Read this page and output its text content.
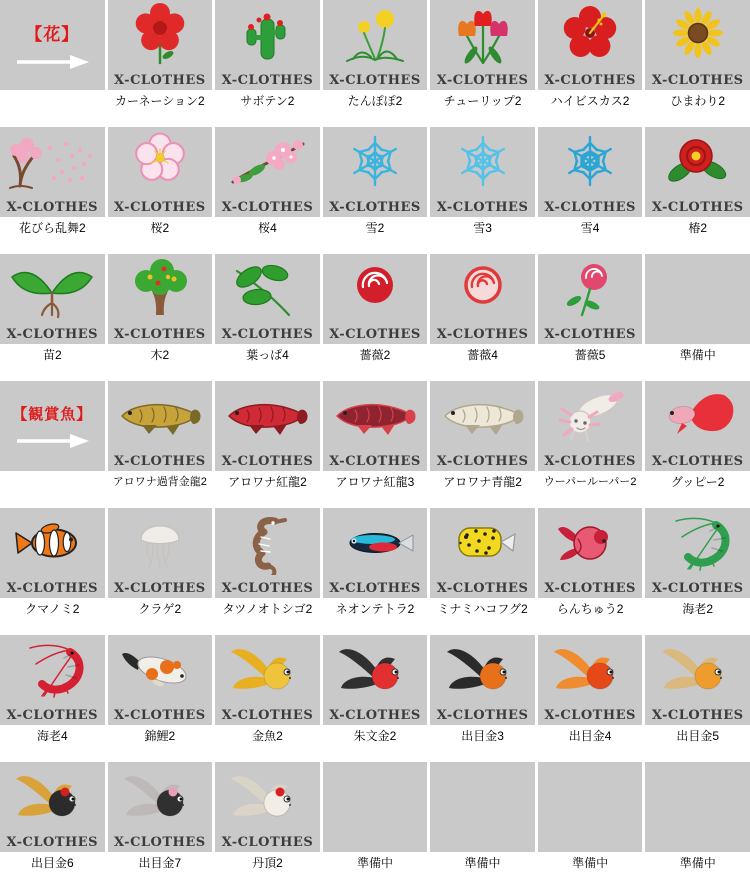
【花】
X-CLOTHES
カーネーション2
X-CLOTHES
サボテン2
X-CLOTHES
たんぽぽ2
X-CLOTHES
チューリップ2
X-CLOTHES
ハイビスカス2
X-CLOTHES
ひまわり2
X-CLOTHES
花びら乱舞2
X-CLOTHES
桜2
X-CLOTHES
桜4
X-CLOTHES
雪2
X-CLOTHES
雪3
X-CLOTHES
雪4
X-CLOTHES
椿2
X-CLOTHES
苗2
X-CLOTHES
木2
X-CLOTHES
葉っぱ4
X-CLOTHES
薔薇2
X-CLOTHES
薔薇4
X-CLOTHES
薔薇5	準備中
【観賞魚】
X-CLOTHES
アロワナ過背金龍2
X-CLOTHES
アロワナ紅龍2
X-CLOTHES
アロワナ紅龍3
X-CLOTHES
アロワナ青龍2
X-CLOTHES
ウーパールーパー2
X-CLOTHES
グッピー2
X-CLOTHES
クマノミ2
X-CLOTHES
クラゲ2
X-CLOTHES
タツノオトシゴ2
X-CLOTHES
ネオンテトラ2
X-CLOTHES
ミナミハコフグ2
X-CLOTHES
らんちゅう2
X-CLOTHES
海老2
X-CLOTHES
海老4
X-CLOTHES
錦鯉2
X-CLOTHES
金魚2
X-CLOTHES
朱文金2
X-CLOTHES
出目金3
X-CLOTHES
出目金4
X-CLOTHES
出目金5
X-CLOTHES
出目金6
X-CLOTHES
出目金7
X-CLOTHES
丹頂2	準備中	準備中	準備中	準備中
